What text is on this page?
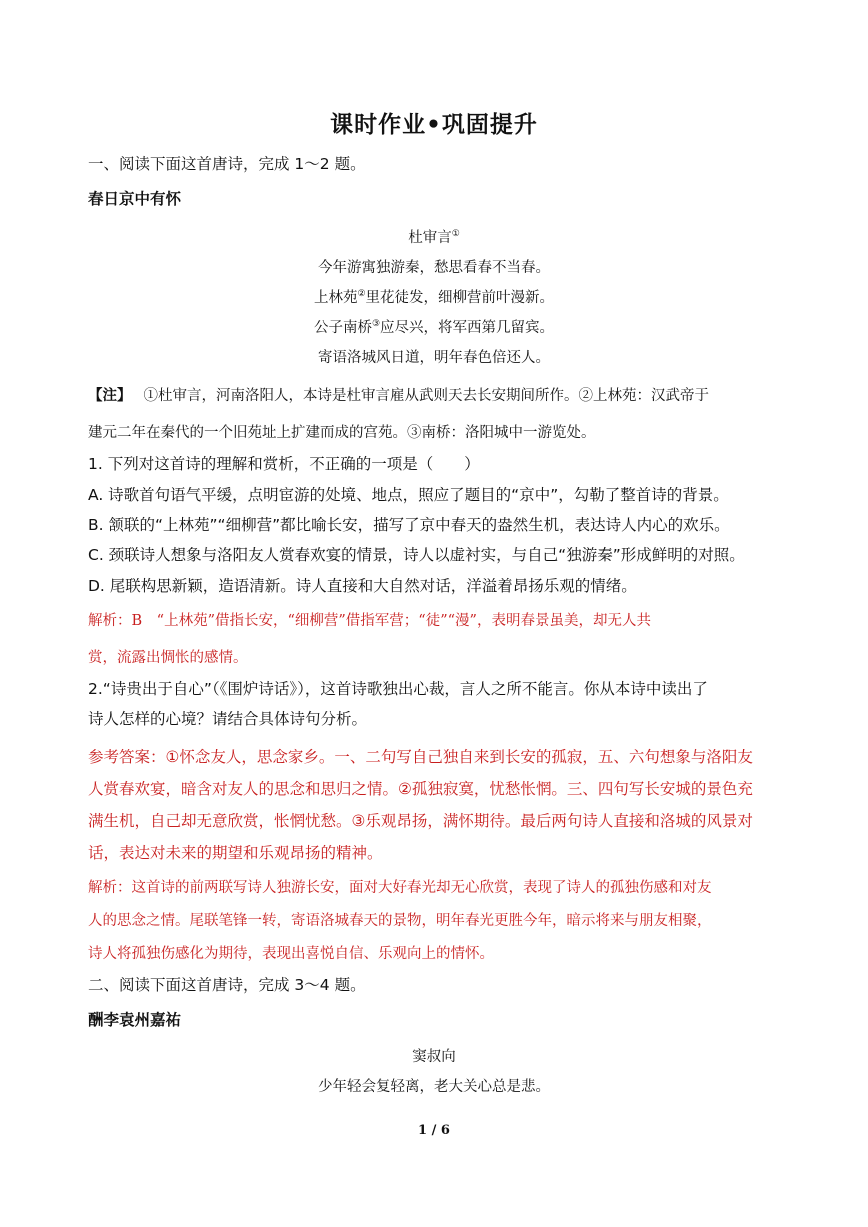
课时作业•巩固提升
一、阅读下面这首唐诗，完成 1～2 题。
春日京中有怀
杜审言①
今年游寓独游秦，愁思看春不当春。
上林苑②里花徒发，细柳营前叶漫新。
公子南桥③应尽兴，将军西第几留宾。
寄语洛城风日道，明年春色倍还人。
【注】 ①杜审言，河南洛阳人，本诗是杜审言雇从武则天去长安期间所作。②上林苑：汉武帝于
建元二年在秦代的一个旧苑址上扩建而成的宫苑。③南桥：洛阳城中一游览处。
1. 下列对这首诗的理解和赏析，不正确的一项是（　　）
A. 诗歌首句语气平缓，点明宦游的处境、地点，照应了题目的“京中”，勾勒了整首诗的背景。
B. 颔联的“上林苑”“细柳营”都比喻长安，描写了京中春天的盎然生机，表达诗人内心的欢乐。
C. 颈联诗人想象与洛阳友人赏春欢宴的情景，诗人以虚衬实，与自己“独游秦”形成鲜明的对照。
D. 尾联构思新颖，造语清新。诗人直接和大自然对话，洋溢着昂扬乐观的情绪。
解析：B　“上林苑”借指长安，“细柳营”借指军营；“徒”“漫”，表明春景虽美，却无人共
赏，流露出惆怅的感情。
2.“诗贵出于自心”（《围炉诗话》），这首诗歌独出心裁，言人之所不能言。你从本诗中读出了
诗人怎样的心境？请结合具体诗句分析。
参考答案：①怀念友人，思念家乡。一、二句写自己独自来到长安的孤寂，五、六句想象与洛阳友
人赏春欢宴，暗含对友人的思念和思归之情。②孤独寂寞，忧愁怅惘。三、四句写长安城的景色充
满生机，自己却无意欣赏，怅惘忧愁。③乐观昂扬，满怀期待。最后两句诗人直接和洛城的风景对
话，表达对未来的期望和乐观昂扬的精神。
解析：这首诗的前两联写诗人独游长安，面对大好春光却无心欣赏，表现了诗人的孤独伤感和对友
人的思念之情。尾联笔锋一转，寄语洛城春天的景物，明年春光更胜今年，暗示将来与朋友相聚，
诗人将孤独伤感化为期待，表现出喜悦自信、乐观向上的情怀。
二、阅读下面这首唐诗，完成 3～4 题。
酬李袁州嘉祐
窦叔向
少年轻会复轻离，老大关心总是悲。
1 / 6
